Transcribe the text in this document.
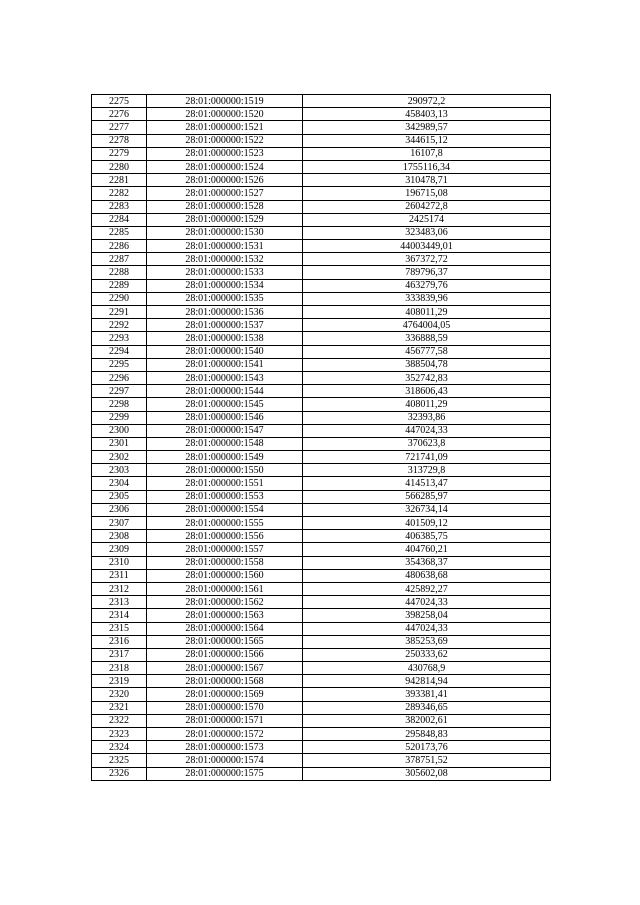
2275	28:01:000000:1519	290972,2
2276	28:01:000000:1520	458403,13
2277	28:01:000000:1521	342989,57
2278	28:01:000000:1522	344615,12
2279	28:01:000000:1523	16107,8
2280	28:01:000000:1524	1755116,34
2281	28:01:000000:1526	310478,71
2282	28:01:000000:1527	196715,08
2283	28:01:000000:1528	2604272,8
2284	28:01:000000:1529	2425174
2285	28:01:000000:1530	323483,06
2286	28:01:000000:1531	44003449,01
2287	28:01:000000:1532	367372,72
2288	28:01:000000:1533	789796,37
2289	28:01:000000:1534	463279,76
2290	28:01:000000:1535	333839,96
2291	28:01:000000:1536	408011,29
2292	28:01:000000:1537	4764004,05
2293	28:01:000000:1538	336888,59
2294	28:01:000000:1540	456777,58
2295	28:01:000000:1541	388504,78
2296	28:01:000000:1543	352742,83
2297	28:01:000000:1544	318606,43
2298	28:01:000000:1545	408011,29
2299	28:01:000000:1546	32393,86
2300	28:01:000000:1547	447024,33
2301	28:01:000000:1548	370623,8
2302	28:01:000000:1549	721741,09
2303	28:01:000000:1550	313729,8
2304	28:01:000000:1551	414513,47
2305	28:01:000000:1553	566285,97
2306	28:01:000000:1554	326734,14
2307	28:01:000000:1555	401509,12
2308	28:01:000000:1556	406385,75
2309	28:01:000000:1557	404760,21
2310	28:01:000000:1558	354368,37
2311	28:01:000000:1560	480638,68
2312	28:01:000000:1561	425892,27
2313	28:01:000000:1562	447024,33
2314	28:01:000000:1563	398258,04
2315	28:01:000000:1564	447024,33
2316	28:01:000000:1565	385253,69
2317	28:01:000000:1566	250333,62
2318	28:01:000000:1567	430768,9
2319	28:01:000000:1568	942814,94
2320	28:01:000000:1569	393381,41
2321	28:01:000000:1570	289346,65
2322	28:01:000000:1571	382002,61
2323	28:01:000000:1572	295848,83
2324	28:01:000000:1573	520173,76
2325	28:01:000000:1574	378751,52
2326	28:01:000000:1575	305602,08
